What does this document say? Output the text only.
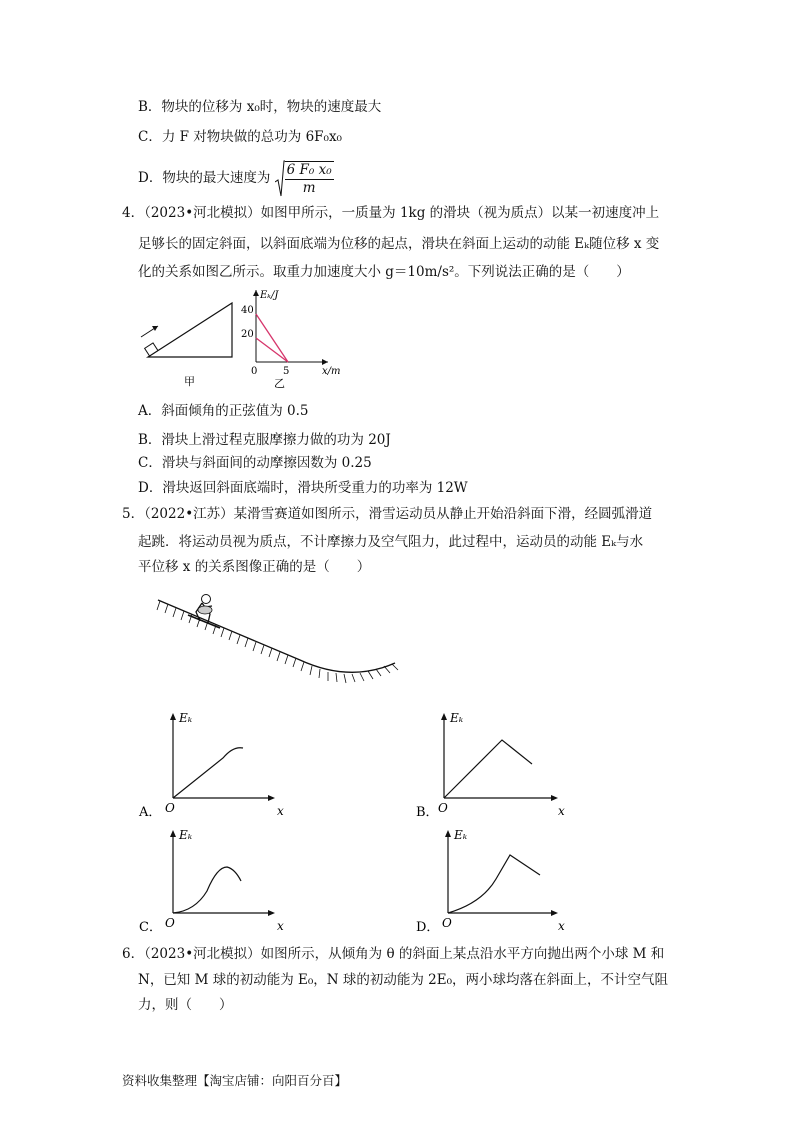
B．物块的位移为 x₀时，物块的速度最大
C．力 F 对物块做的总功为 6F₀x₀
D．物块的最大速度为 $\frac{\text{6 F₀ x₀}}{m}$
4．（2023•河北模拟）如图甲所示，一质量为 1kg 的滑块（视为质点）以某一初速度冲上
足够长的固定斜面，以斜面底端为位移的起点，滑块在斜面上运动的动能 Eₖ随位移 x 变
化的关系如图乙所示。取重力加速度大小 g＝10m/s²。下列说法正确的是（　　）
甲
Eₖ/J
x/m
40
20
0	5
乙
A．斜面倾角的正弦值为 0.5
B．滑块上滑过程克服摩擦力做的功为 20J
C．滑块与斜面间的动摩擦因数为 0.25
D．滑块返回斜面底端时，滑块所受重力的功率为 12W
5．（2022•江苏）某滑雪赛道如图所示，滑雪运动员从静止开始沿斜面下滑，经圆弧滑道
起跳．将运动员视为质点，不计摩擦力及空气阻力，此过程中，运动员的动能 Eₖ与水
平位移 x 的关系图像正确的是（　　）
Eₖ
x
O
A．
Eₖ
x
O
B．
Eₖ
x
O
C．
Eₖ
x
O
D．
6．（2023•河北模拟）如图所示，从倾角为 θ 的斜面上某点沿水平方向抛出两个小球 M 和
N，已知 M 球的初动能为 E₀，N 球的初动能为 2E₀，两小球均落在斜面上，不计空气阻
力，则（　　）
资料收集整理【淘宝店铺：向阳百分百】
